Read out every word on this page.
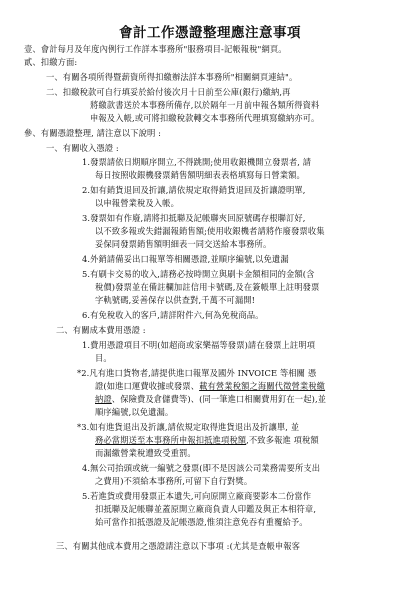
會計工作憑證整理應注意事項
壹、會計每月及年度內例行工作詳本事務所"服務項目-記帳報稅"網頁。
貳、扣繳方面:
一、有關各項所得暨薪資所得扣繳辦法詳本事務所"相關網頁連結"。
二、扣繳稅款可自行填妥於給付後次月十日前至公庫(銀行)繳納,再
將繳款書送於本事務所備存,以於隔年一月前申報各類所得資料
申報及入帳,或可將扣繳稅款轉交本事務所代理填寫繳納亦可。
參、有關憑證整理, 請注意以下說明 :
一、有關收入憑證 :
1.發票請依日期順序開立,不得跳開;使用收銀機開立發票者, 請
每日按照收銀機發票銷售額明細表表格填寫每日營業額。
2.如有銷貨退回及折讓,請依規定取得銷貨退回及折讓證明單,
以申報營業稅及入帳。
3.發票如有作廢,請將扣抵聯及記帳聯夾回原號碼存根聯訂好,
以不致多報或失錯漏報銷售額;使用收銀機者請將作廢發票收集
妥保同發票銷售額明細表一同交送給本事務所。
4.外銷請備妥出口報單等相關憑證,並順序編號,以免遺漏
5.有刷卡交易的收入,請務必按時開立與刷卡金額相同的金額(含
稅價)發票並在備註欄加註信用卡號碼,及在簽帳單上註明發票
字軌號碼,妥善保存以供查對,千萬不可漏開!
6.有免稅收入的客戶,請詳附件六,何為免稅商品。
二、有關成本費用憑證 :
1.費用憑證項目不明(如超商或家樂福等發票)請在發票上註明項
目。
*2.凡有進口貨物者,請提供進口報單及國外 INVOICE 等相關 憑
證(如進口運費收據或發票、載有營業稅額之海關代徵營業稅繳
納證、保險費及倉儲費等)、(同一筆進口相關費用釘在一起),並
順序編號,以免遺漏。
*3.如有進貨退出及折讓,請依規定取得進貨退出及折讓單, 並
務必當期送至本事務所申報扣抵進項稅額,不致多報進 項稅額
而漏繳營業稅遭致受重罰。
4.無公司抬頭或統一編號之發票(即不是因該公司業務需要所支出
之費用)不須給本事務所,可留下自行對獎。
5.若進貨或費用發票正本遺失,可向原開立廠商要影本二份當作
扣抵聯及記帳聯並蓋原開立廠商負責人印鑑及與正本相符章,
始可當作扣抵憑證及記帳憑證,惟須注意免吞有重覆給予。
三、有關其他成本費用之憑證請注意以下事項 :(尤其是查帳申報客
